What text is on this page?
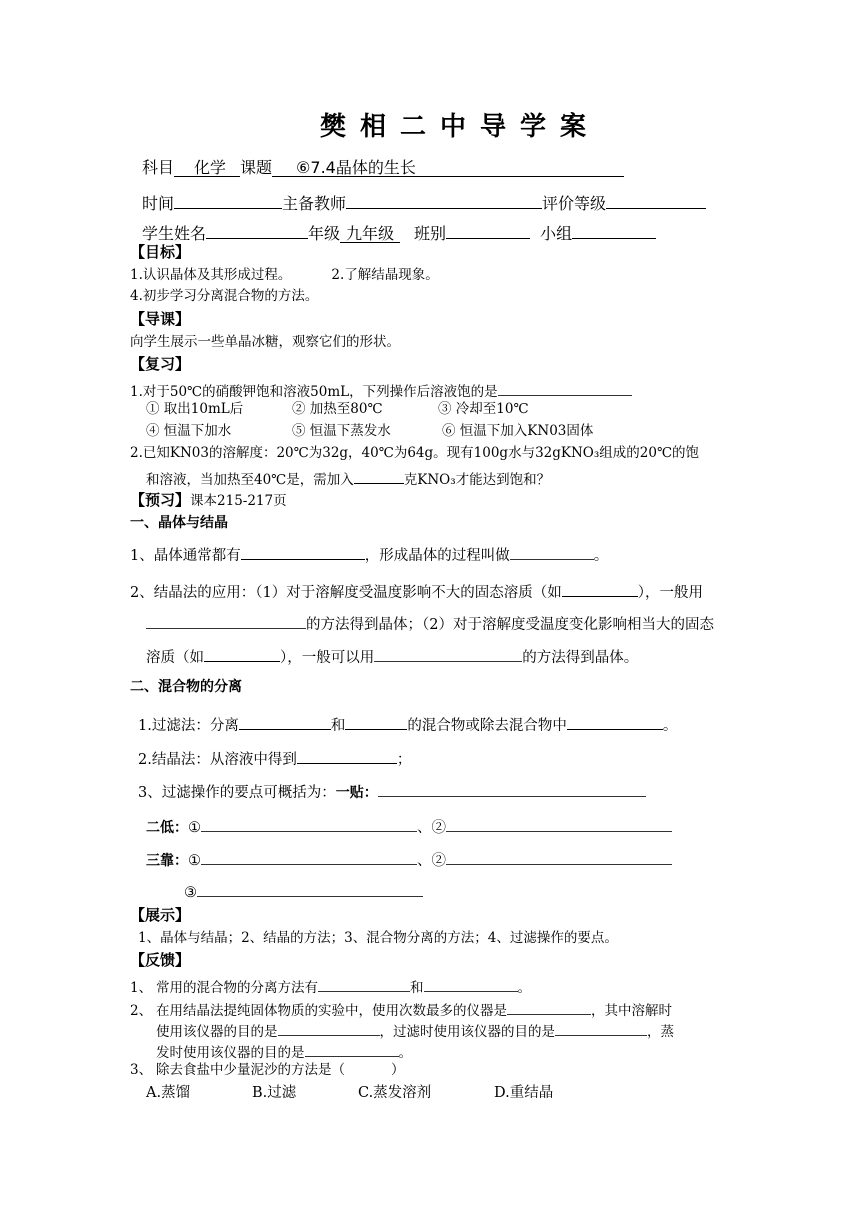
樊相二中导学案
科目 化学 课题 ⑥7.4晶体的生长
时间	主备教师	评价等级
学生姓名	年级 九年级 班别	小组
【目标】
1.认识晶体及其形成过程。	2.了解结晶现象。
4.初步学习分离混合物的方法。
【导课】
向学生展示一些单晶冰糖，观察它们的形状。
【复习】
1.对于50℃的硝酸钾饱和溶液50mL，下列操作后溶液饱的是
① 取出10mL后	② 加热至80℃	③ 冷却至10℃
④ 恒温下加水	⑤ 恒温下蒸发水	⑥ 恒温下加入KN03固体
2.已知KN03的溶解度：20℃为32g，40℃为64g。现有100g水与32gKNO₃组成的20℃的饱
和溶液，当加热至40℃是，需加入	克KNO₃才能达到饱和？
【预习】课本215-217页
一、晶体与结晶
1、晶体通常都有	，形成晶体的过程叫做	。
2、结晶法的应用：（1）对于溶解度受温度影响不大的固态溶质（如	），一般用
的方法得到晶体；（2）对于溶解度受温度变化影响相当大的固态
溶质（如	），一般可以用	的方法得到晶体。
二、混合物的分离
1.过滤法：分离	和	的混合物或除去混合物中	。
2.结晶法：从溶液中得到	；
3、过滤操作的要点可概括为：一贴：
二低：①	、②
三靠：①	、②
③
【展示】
1、晶体与结晶；2、结晶的方法；3、混合物分离的方法；4、过滤操作的要点。
【反馈】
1、 常用的混合物的分离方法有	和	。
2、 在用结晶法提纯固体物质的实验中，使用次数最多的仪器是	，其中溶解时
使用该仪器的目的是	，过滤时使用该仪器的目的是	，蒸
发时使用该仪器的目的是	。
3、 除去食盐中少量泥沙的方法是（	）
A.蒸馏	B.过滤	C.蒸发溶剂	D.重结晶
